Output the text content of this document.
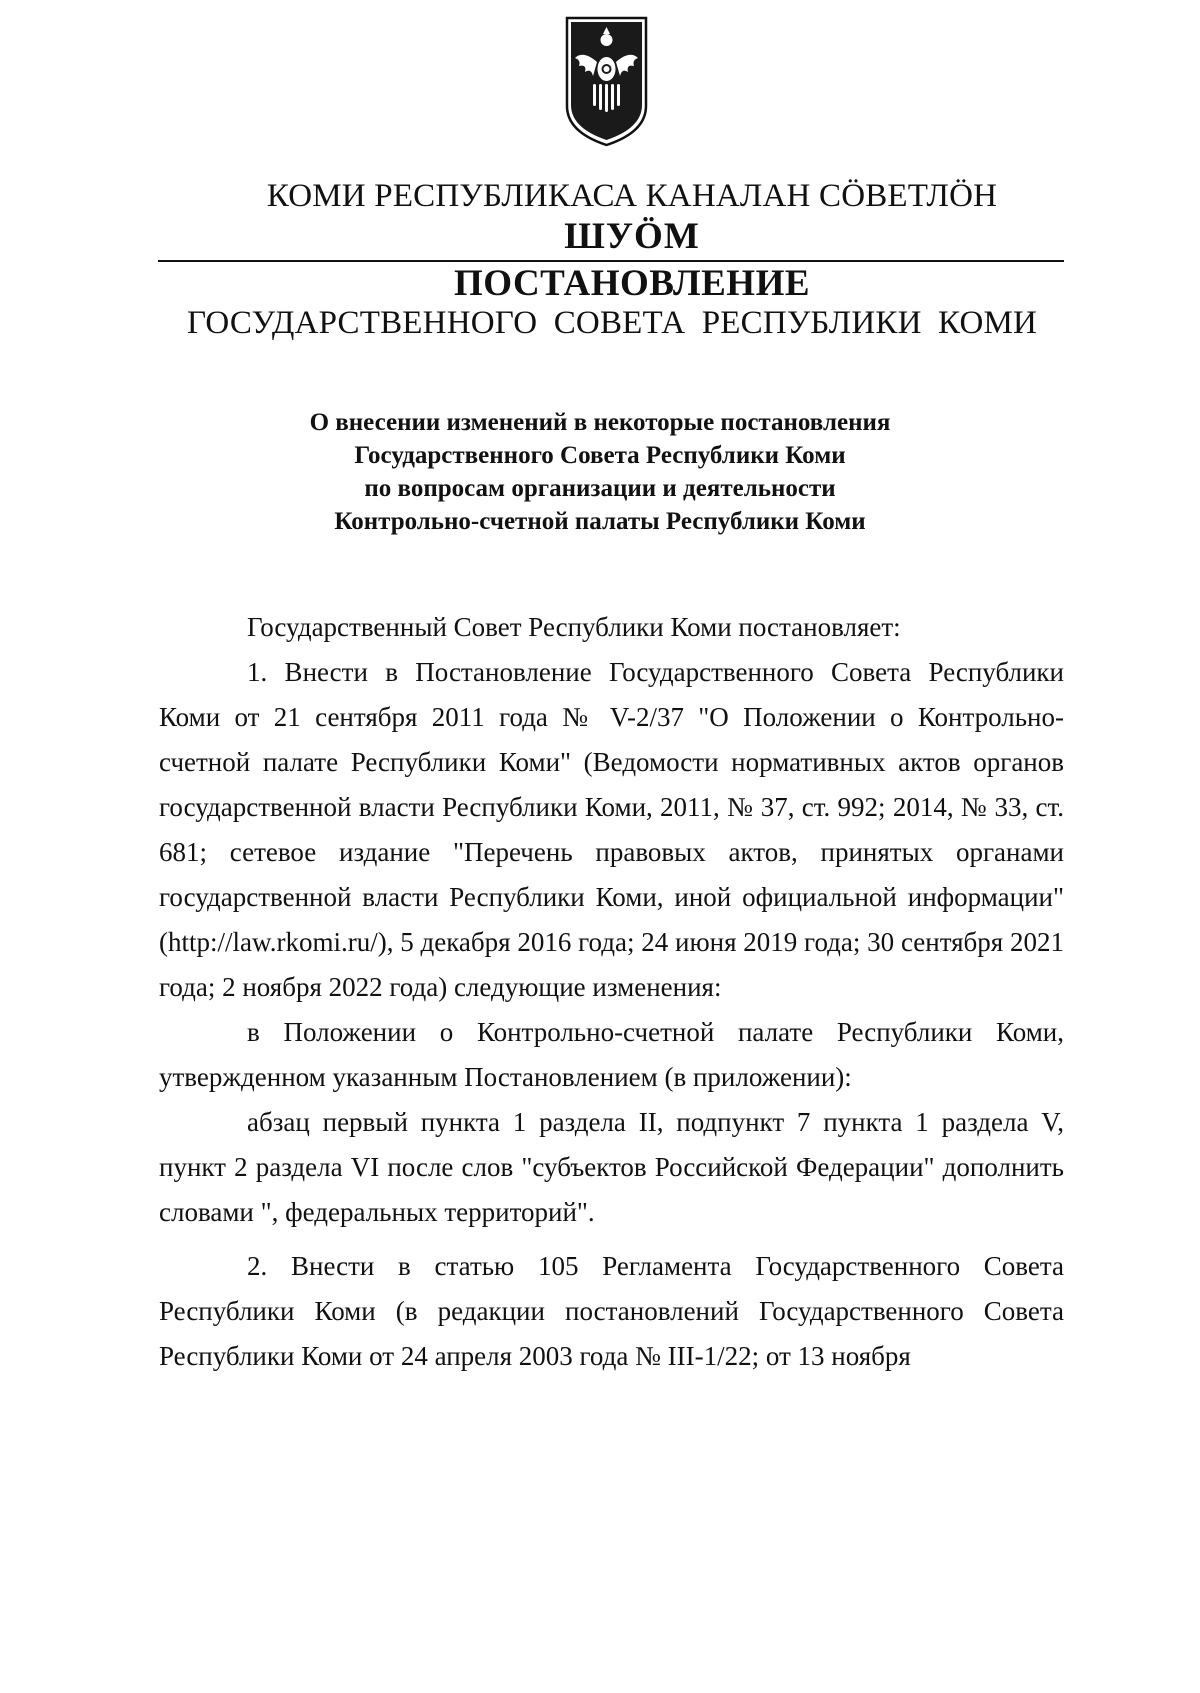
КОМИ РЕСПУБЛИКАСА КАНАЛАН СÖВЕТЛÖН
ШУÖМ
ПОСТАНОВЛЕНИЕ
ГОСУДАРСТВЕННОГО СОВЕТА РЕСПУБЛИКИ КОМИ
О внесении изменений в некоторые постановления
Государственного Совета Республики Коми
по вопросам организации и деятельности
Контрольно-счетной палаты Республики Коми

Государственный Совет Республики Коми постановляет:

1. Внести в Постановление Государственного Совета Республики Коми от 21 сентября 2011 года № V-2/37 "О Положении о Контрольно-счетной палате Республики Коми" (Ведомости нормативных актов органов государственной власти Республики Коми, 2011, № 37, ст. 992; 2014, № 33, ст. 681; сетевое издание "Перечень правовых актов, принятых органами государственной власти Республики Коми, иной официальной информации" (http://law.rkomi.ru/), 5 декабря 2016 года; 24 июня 2019 года; 30 сентября 2021 года; 2 ноября 2022 года) следующие изменения:

в Положении о Контрольно-счетной палате Республики Коми, утвержденном указанным Постановлением (в приложении):

абзац первый пункта 1 раздела II, подпункт 7 пункта 1 раздела V, пункт 2 раздела VI после слов "субъектов Российской Федерации" дополнить словами ", федеральных территорий".

2. Внести в статью 105 Регламента Государственного Совета Республики Коми (в редакции постановлений Государственного Совета Республики Коми от 24 апреля 2003 года № III-1/22; от 13 ноября
